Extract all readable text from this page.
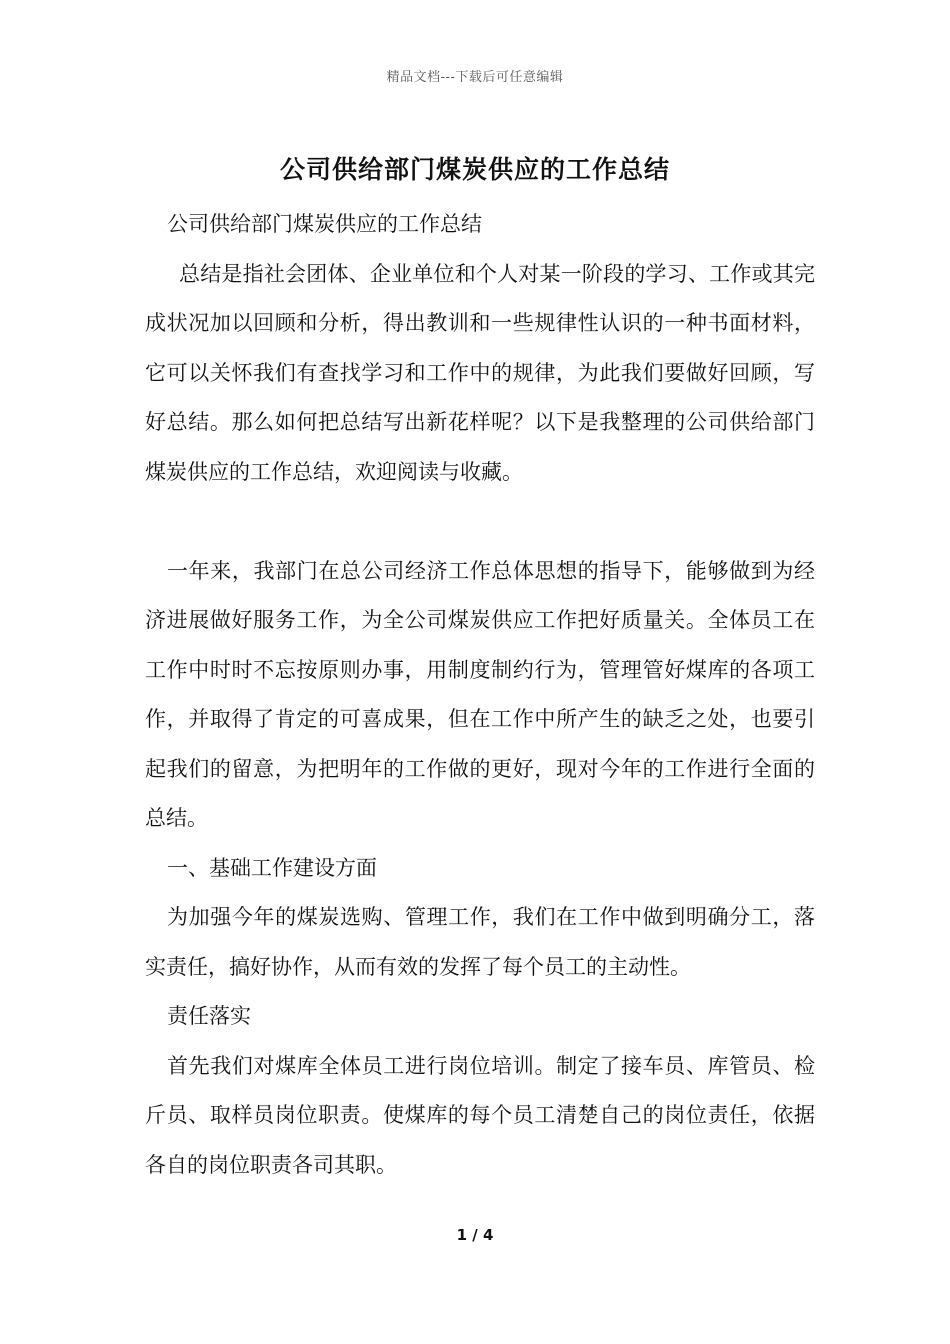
精品文档---下载后可任意编辑
公司供给部门煤炭供应的工作总结

公司供给部门煤炭供应的工作总结

总结是指社会团体、企业单位和个人对某一阶段的学习、工作或其完成状况加以回顾和分析，得出教训和一些规律性认识的一种书面材料，它可以关怀我们有查找学习和工作中的规律，为此我们要做好回顾，写好总结。那么如何把总结写出新花样呢？以下是我整理的公司供给部门煤炭供应的工作总结，欢迎阅读与收藏。

一年来，我部门在总公司经济工作总体思想的指导下，能够做到为经济进展做好服务工作，为全公司煤炭供应工作把好质量关。全体员工在工作中时时不忘按原则办事，用制度制约行为，管理管好煤库的各项工作，并取得了肯定的可喜成果，但在工作中所产生的缺乏之处，也要引起我们的留意，为把明年的工作做的更好，现对今年的工作进行全面的总结。

一、基础工作建设方面

为加强今年的煤炭选购、管理工作，我们在工作中做到明确分工，落实责任，搞好协作，从而有效的发挥了每个员工的主动性。

责任落实

首先我们对煤库全体员工进行岗位培训。制定了接车员、库管员、检斤员、取样员岗位职责。使煤库的每个员工清楚自己的岗位责任，依据各自的岗位职责各司其职。

1 / 4
